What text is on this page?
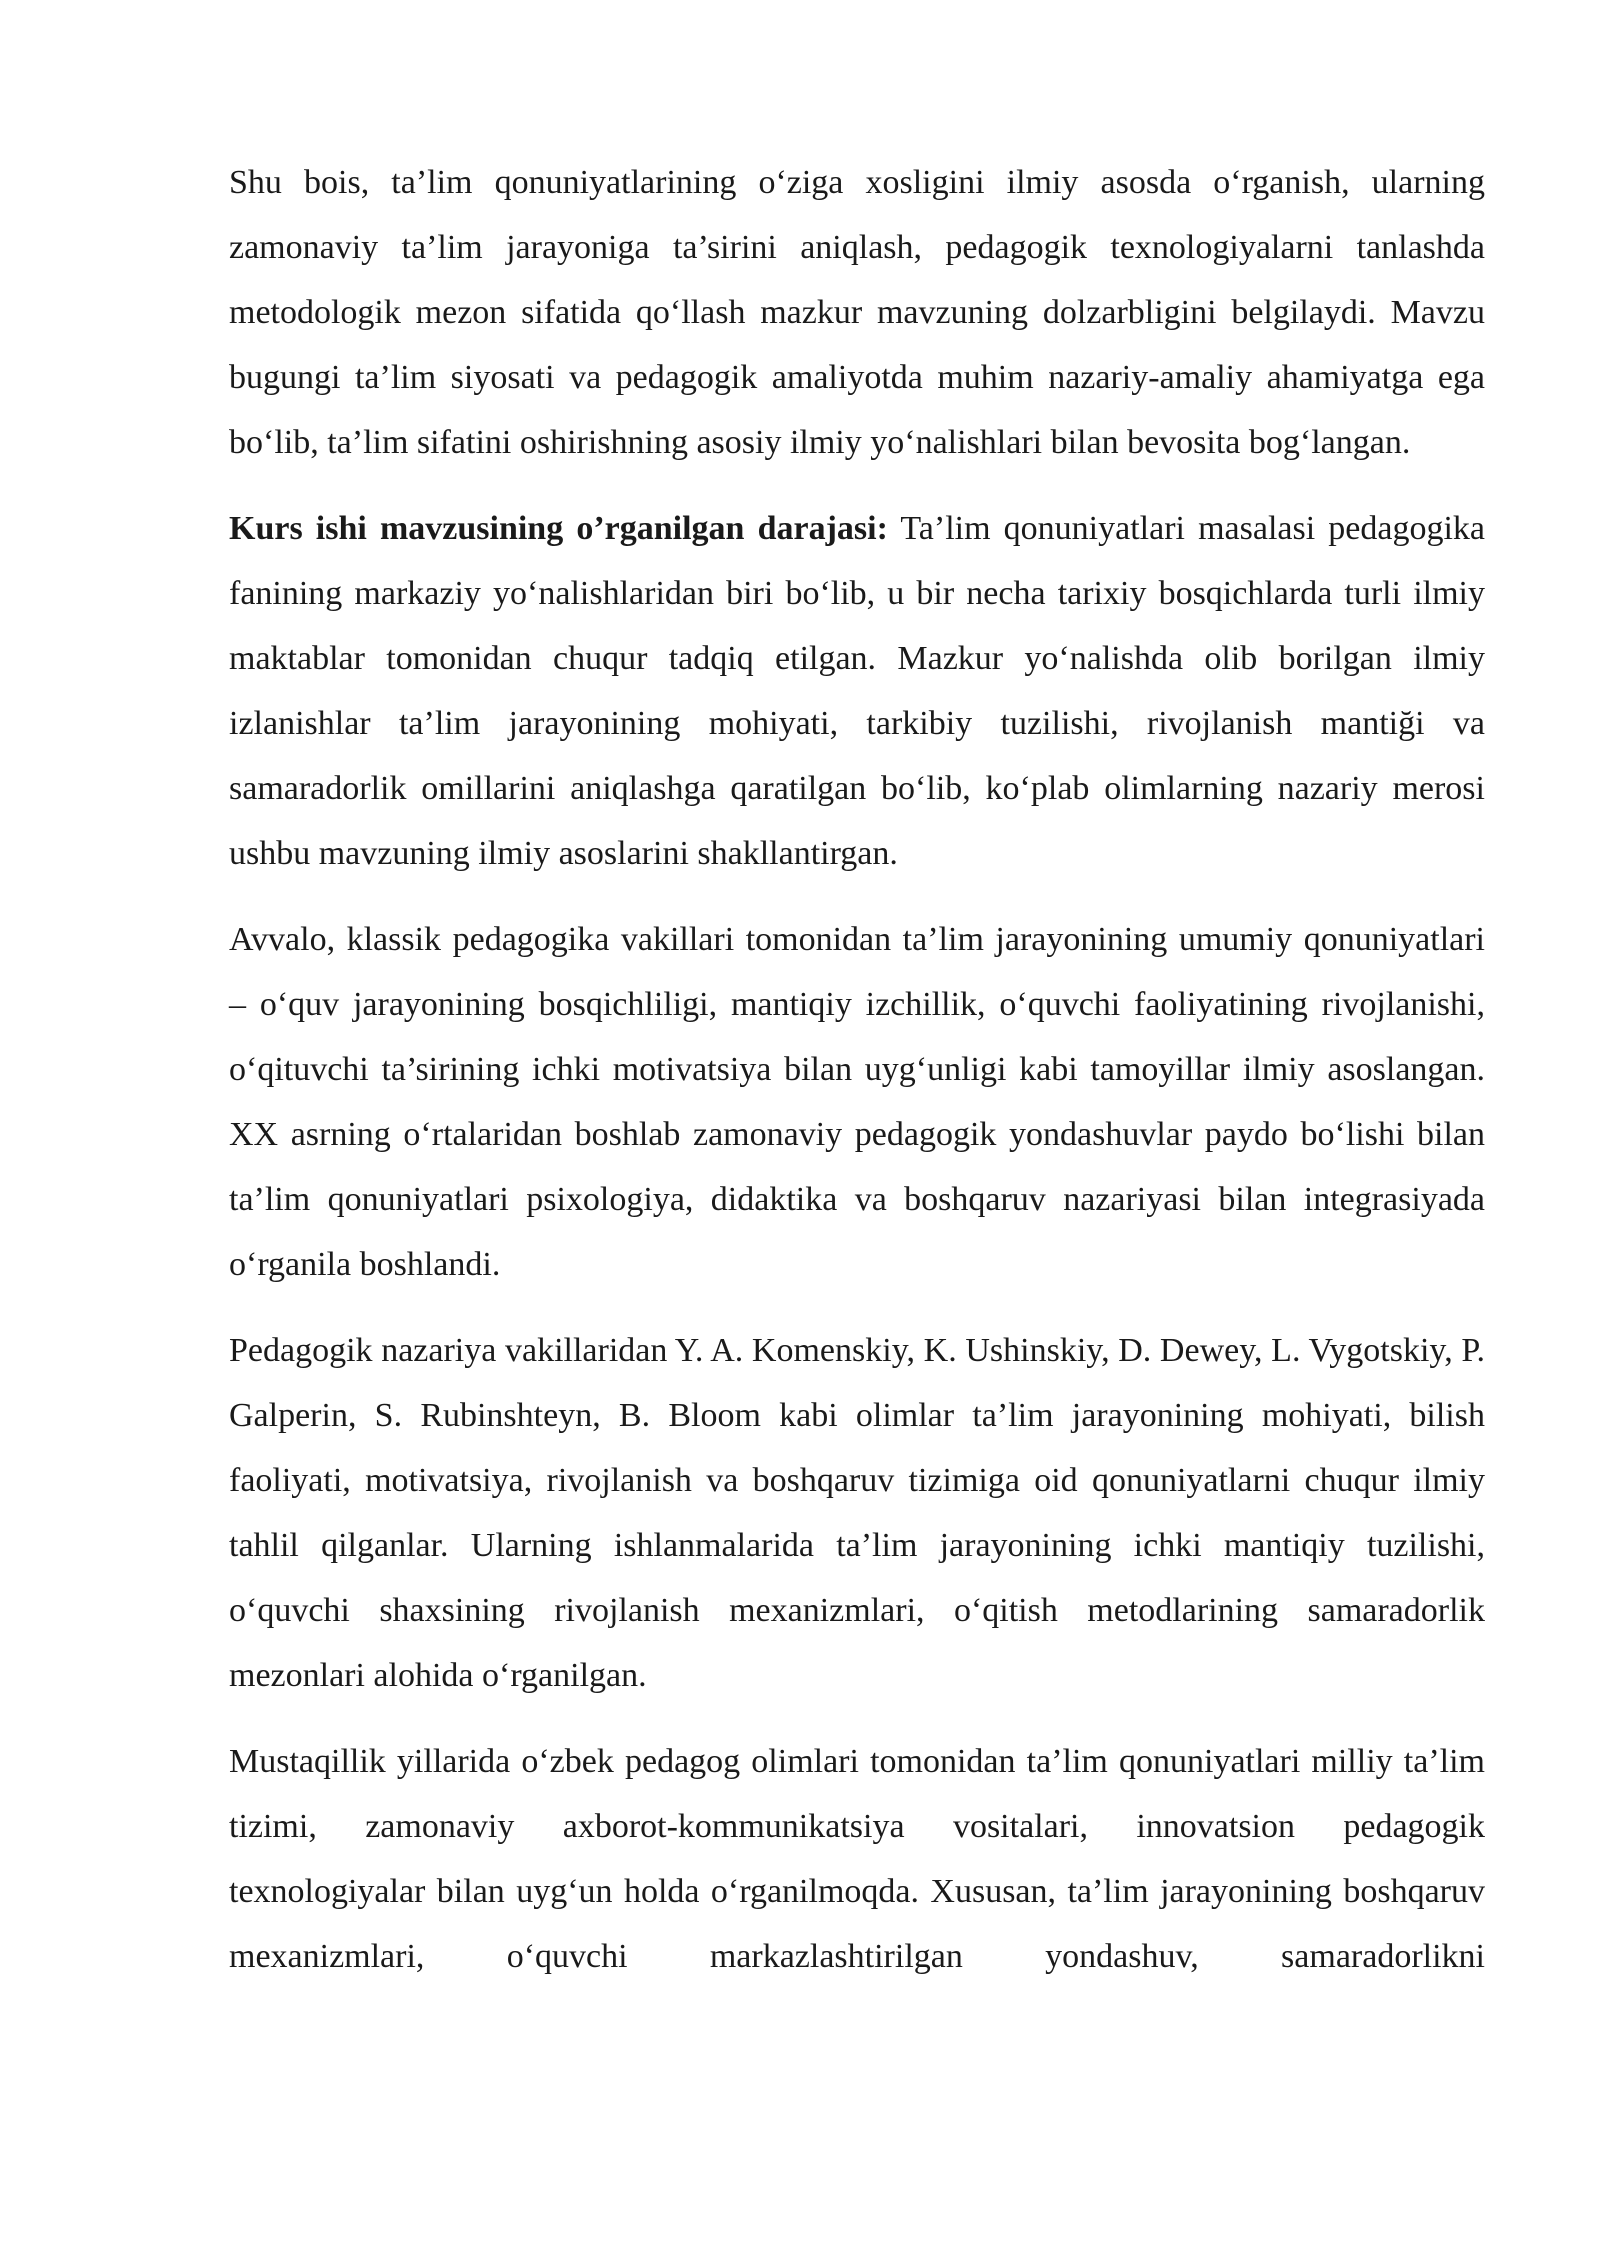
Shu bois, ta’lim qonuniyatlarining o‘ziga xosligini ilmiy asosda o‘rganish, ularning zamonaviy ta’lim jarayoniga ta’sirini aniqlash, pedagogik texnologiyalarni tanlashda metodologik mezon sifatida qo‘llash mazkur mavzuning dolzarbligini belgilaydi. Mavzu bugungi ta’lim siyosati va pedagogik amaliyotda muhim nazariy-amaliy ahamiyatga ega bo‘lib, ta’lim sifatini oshirishning asosiy ilmiy yo‘nalishlari bilan bevosita bog‘langan.

Kurs ishi mavzusining o’rganilgan darajasi: Ta’lim qonuniyatlari masalasi pedagogika fanining markaziy yo‘nalishlaridan biri bo‘lib, u bir necha tarixiy bosqichlarda turli ilmiy maktablar tomonidan chuqur tadqiq etilgan. Mazkur yo‘nalishda olib borilgan ilmiy izlanishlar ta’lim jarayonining mohiyati, tarkibiy tuzilishi, rivojlanish mantiği va samaradorlik omillarini aniqlashga qaratilgan bo‘lib, ko‘plab olimlarning nazariy merosi ushbu mavzuning ilmiy asoslarini shakllantirgan.

Avvalo, klassik pedagogika vakillari tomonidan ta’lim jarayonining umumiy qonuniyatlari – o‘quv jarayonining bosqichliligi, mantiqiy izchillik, o‘quvchi faoliyatining rivojlanishi, o‘qituvchi ta’sirining ichki motivatsiya bilan uyg‘unligi kabi tamoyillar ilmiy asoslangan. XX asrning o‘rtalaridan boshlab zamonaviy pedagogik yondashuvlar paydo bo‘lishi bilan ta’lim qonuniyatlari psixologiya, didaktika va boshqaruv nazariyasi bilan integrasiyada o‘rganila boshlandi.

Pedagogik nazariya vakillaridan Y. A. Komenskiy, K. Ushinskiy, D. Dewey, L. Vygotskiy, P. Galperin, S. Rubinshteyn, B. Bloom kabi olimlar ta’lim jarayonining mohiyati, bilish faoliyati, motivatsiya, rivojlanish va boshqaruv tizimiga oid qonuniyatlarni chuqur ilmiy tahlil qilganlar. Ularning ishlanmalarida ta’lim jarayonining ichki mantiqiy tuzilishi, o‘quvchi shaxsining rivojlanish mexanizmlari, o‘qitish metodlarining samaradorlik mezonlari alohida o‘rganilgan.

Mustaqillik yillarida o‘zbek pedagog olimlari tomonidan ta’lim qonuniyatlari milliy ta’lim tizimi, zamonaviy axborot-kommunikatsiya vositalari, innovatsion pedagogik texnologiyalar bilan uyg‘un holda o‘rganilmoqda. Xususan, ta’lim jarayonining boshqaruv mexanizmlari, o‘quvchi markazlashtirilgan yondashuv, samaradorlikni
